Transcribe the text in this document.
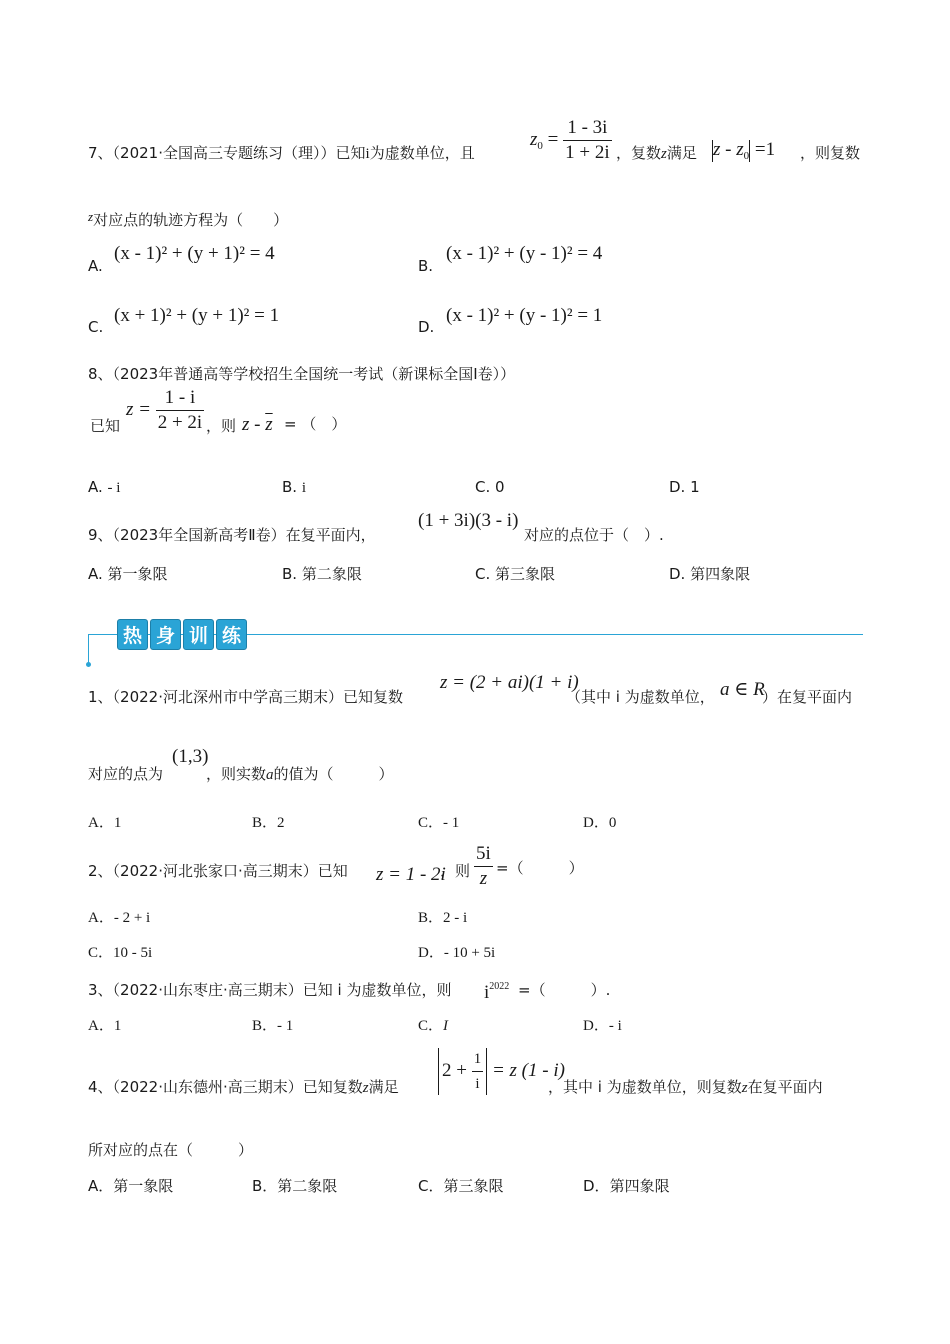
7、（2021·全国高三专题练习（理））已知i为虚数单位，且
$z_0 = \frac{1 - 3i}{1 + 2i}$ ，复数z满足 $z - z_0 =1$ ，则复数
z对应点的轨迹方程为（　　）
A.
(x - 1)² + (y + 1)² = 4
B.
(x - 1)² + (y - 1)² = 4
C.
(x + 1)² + (y + 1)² = 1
D.
(x - 1)² + (y - 1)² = 1
8、（2023年普通高等学校招生全国统一考试（新课标全国Ⅰ卷））
已知
$z = \frac{1 - i}{2 + 2i}$ ，则 z - $\overline{z}$ = （　）
A. - i	B. i	C. 0	D. 1
9、（2023年全国新高考Ⅱ卷）在复平面内，
(1 + 3i)(3 - i)
对应的点位于（　）.
A. 第一象限	B. 第二象限	C. 第三象限	D. 第四象限
热 身 训 练
1、（2022·河北深州市中学高三期末）已知复数
z = (2 + ai)(1 + i)
（其中 i 为虚数单位， a ∈ R
）在复平面内
对应的点为
(1,3)
，则实数a的值为（　　　）
A．1	B．2	C．- 1	D．0
2、（2022·河北张家口·高三期末）已知 z = 1 - 2i
，则 $\frac{5i}{z}$ =（　　　）
A．- 2 + i	B．2 - i
C．10 - 5i	D．- 10 + 5i
3、（2022·山东枣庄·高三期末）已知 i 为虚数单位，则 $i^{2022}$ =（　　　）.
A．1	B．- 1	C．I	D．- i
4、（2022·山东德州·高三期末）已知复数z满足
$2 + \frac{1}{i} = z$ (1 - i)
，其中 i 为虚数单位，则复数z在复平面内
所对应的点在（　　　）
A．第一象限	B．第二象限	C．第三象限	D．第四象限
